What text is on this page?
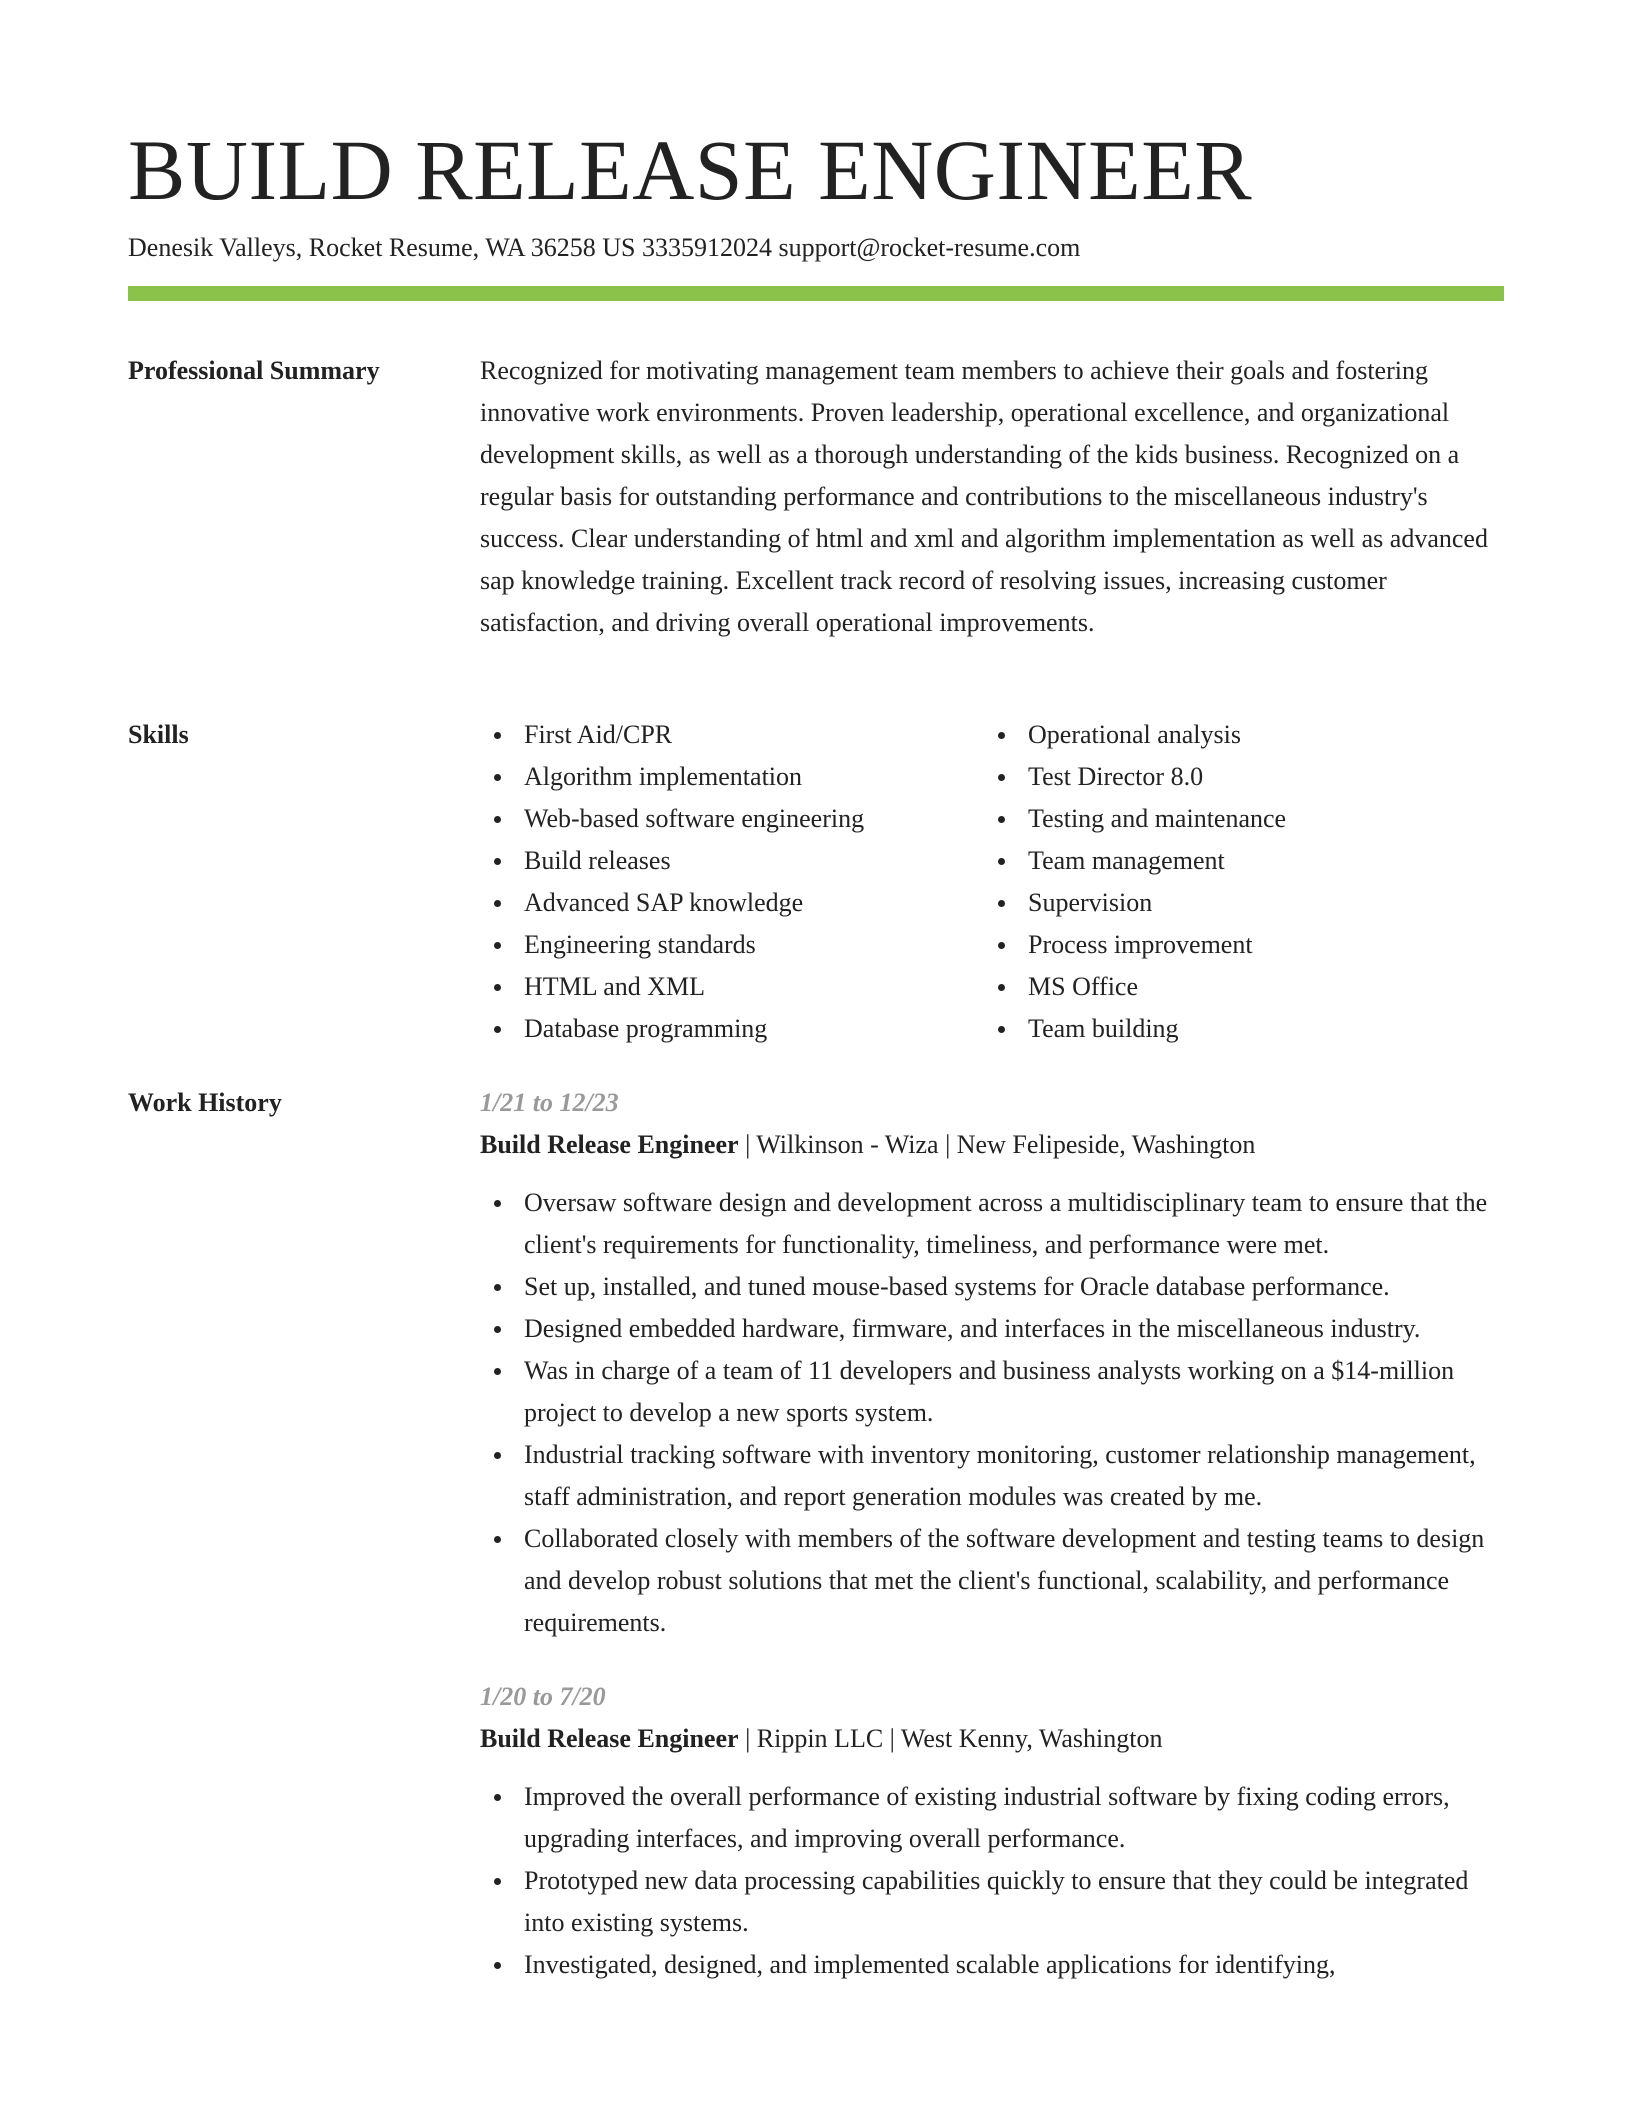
BUILD RELEASE ENGINEER
Denesik Valleys, Rocket Resume, WA 36258 US 3335912024 support@rocket-resume.com
Professional Summary	Recognized for motivating management team members to achieve their goals and fostering innovative work environments. Proven leadership, operational excellence, and organizational development skills, as well as a thorough understanding of the kids business. Recognized on a regular basis for outstanding performance and contributions to the miscellaneous industry's success. Clear understanding of html and xml and algorithm implementation as well as advanced sap knowledge training. Excellent track record of resolving issues, increasing customer satisfaction, and driving overall operational improvements.

Skills	First Aid/CPR
Algorithm implementation
Web-based software engineering
Build releases
Advanced SAP knowledge
Engineering standards
HTML and XML
Database programming
Operational analysis
Test Director 8.0
Testing and maintenance
Team management
Supervision
Process improvement
MS Office
Team building
Work History	1/21 to 12/23
Build Release Engineer | Wilkinson - Wiza | New Felipeside, Washington
Oversaw software design and development across a multidisciplinary team to ensure that the client's requirements for functionality, timeliness, and performance were met.
Set up, installed, and tuned mouse-based systems for Oracle database performance.
Designed embedded hardware, firmware, and interfaces in the miscellaneous industry.
Was in charge of a team of 11 developers and business analysts working on a $14-million project to develop a new sports system.
Industrial tracking software with inventory monitoring, customer relationship management, staff administration, and report generation modules was created by me.
Collaborated closely with members of the software development and testing teams to design and develop robust solutions that met the client's functional, scalability, and performance requirements.
1/20 to 7/20
Build Release Engineer | Rippin LLC | West Kenny, Washington
Improved the overall performance of existing industrial software by fixing coding errors, upgrading interfaces, and improving overall performance.
Prototyped new data processing capabilities quickly to ensure that they could be integrated into existing systems.
Investigated, designed, and implemented scalable applications for identifying,
